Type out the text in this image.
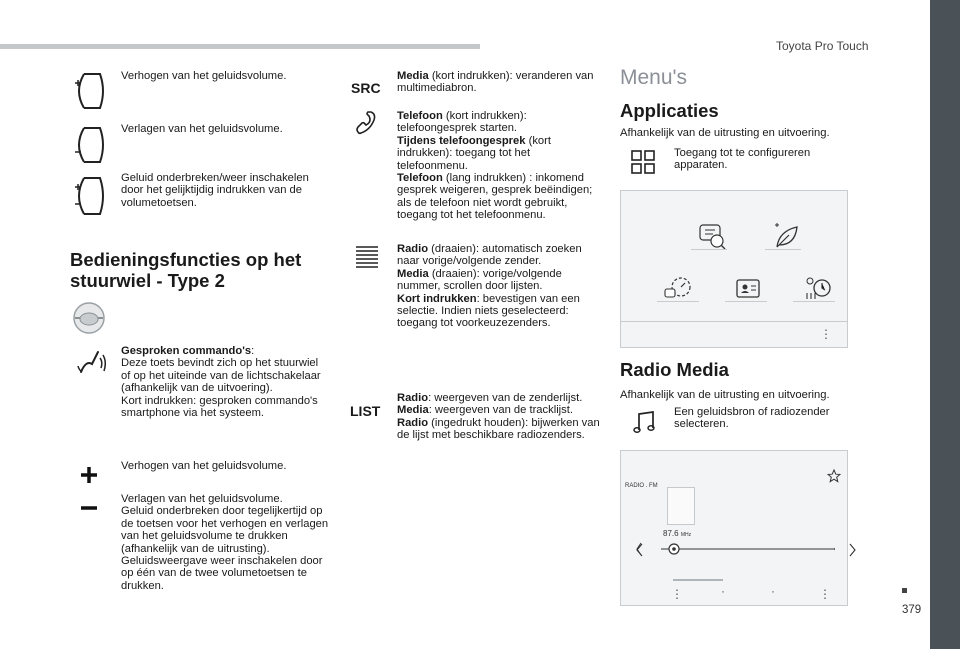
Toyota Pro Touch
379
Verhogen van het geluidsvolume.
Verlagen van het geluidsvolume.
Geluid onderbreken/weer inschakelen door het gelijktijdig indrukken van de volumetoetsen.
Bedieningsfuncties op het
stuurwiel - Type 2
Gesproken commando's:
Deze toets bevindt zich op het stuurwiel of op het uiteinde van de lichtschakelaar (afhankelijk van de uitvoering).
Kort indrukken: gesproken commando's smartphone via het systeem.
Verhogen van het geluidsvolume.
Verlagen van het geluidsvolume.
Geluid onderbreken door tegelijkertijd op de toetsen voor het verhogen en verlagen van het geluidsvolume te drukken (afhankelijk van de uitrusting).
Geluidsweergave weer inschakelen door op één van de twee volumetoetsen te drukken.
SRC
Media (kort indrukken): veranderen van multimediabron.
Telefoon (kort indrukken): telefoongesprek starten.
Tijdens telefoongesprek (kort indrukken): toegang tot het telefoonmenu.
Telefoon (lang indrukken) : inkomend gesprek weigeren, gesprek beëindigen; als de telefoon niet wordt gebruikt, toegang tot het telefoonmenu.
Radio (draaien): automatisch zoeken naar vorige/volgende zender.
Media (draaien): vorige/volgende nummer, scrollen door lijsten.
Kort indrukken: bevestigen van een selectie. Indien niets geselecteerd: toegang tot voorkeuzezenders.
LIST
Radio: weergeven van de zenderlijst.
Media: weergeven van de tracklijst.
Radio (ingedrukt houden): bijwerken van de lijst met beschikbare radiozenders.
Menu's
Applicaties
Afhankelijk van de uitrusting en uitvoering.
Toegang tot te configureren apparaten.
⋮
Radio Media
Afhankelijk van de uitrusting en uitvoering.
Een geluidsbron of radiozender selecteren.
RADIO . FM
87.6 MHz
⋮	·	·	⋮
